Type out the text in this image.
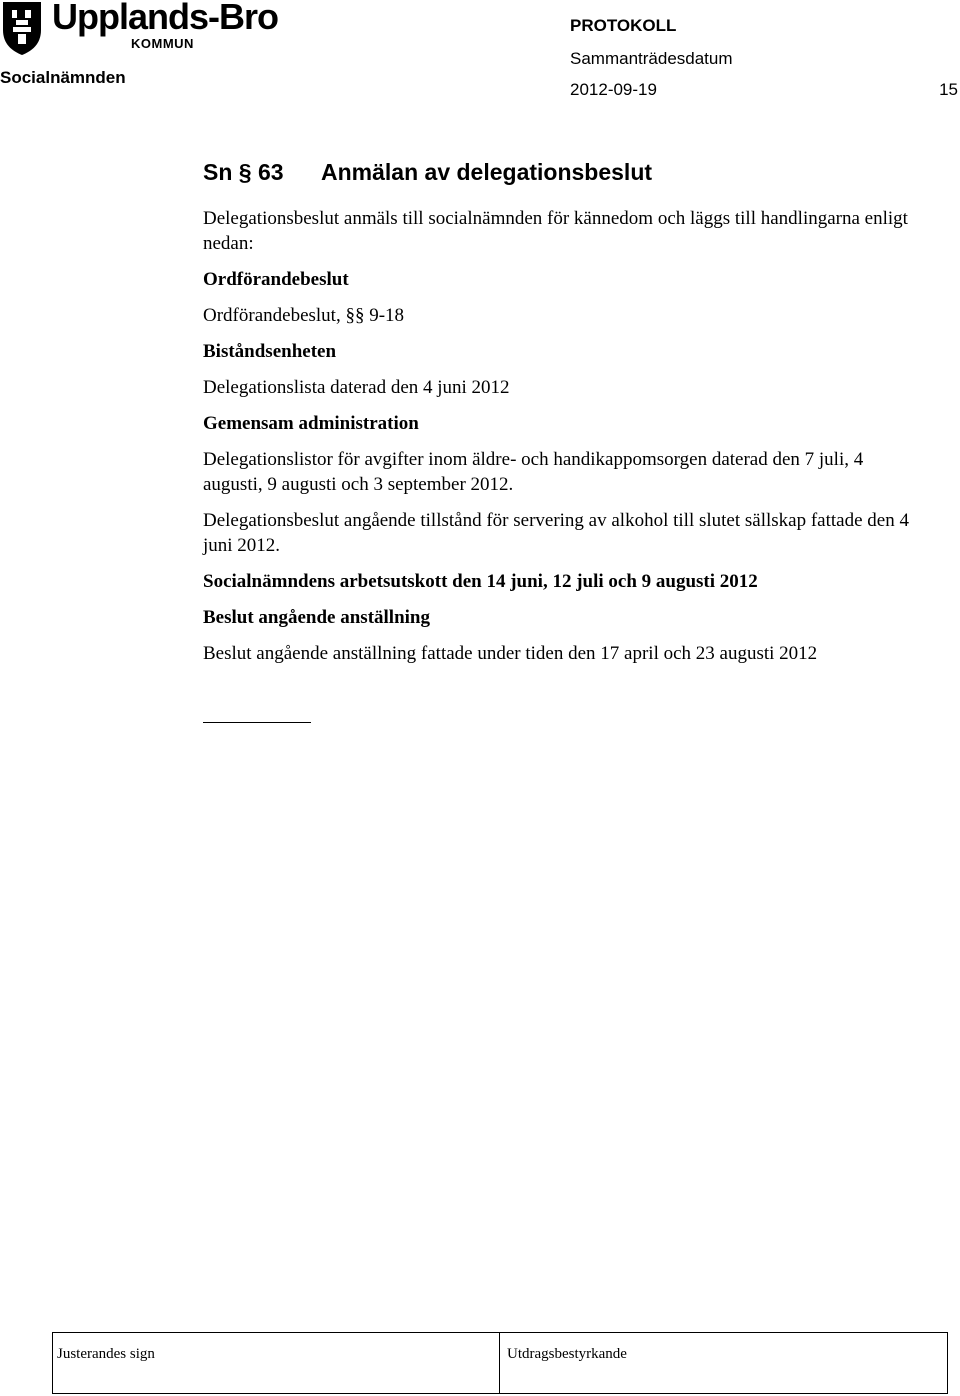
Upplands-Bro
KOMMUN
Socialnämnden
PROTOKOLL
Sammanträdesdatum
2012-09-19	15
Sn § 63 Anmälan av delegationsbeslut

Delegationsbeslut anmäls till socialnämnden för kännedom och läggs till handlingarna enligt nedan:

Ordförandebeslut

Ordförandebeslut, §§ 9-18

Biståndsenheten

Delegationslista daterad den 4 juni 2012

Gemensam administration

Delegationslistor för avgifter inom äldre- och handikappomsorgen daterad den 7 juli, 4 augusti, 9 augusti och 3 september 2012.

Delegationsbeslut angående tillstånd för servering av alkohol till slutet sällskap fattade den 4 juni 2012.

Socialnämndens arbetsutskott den 14 juni, 12 juli och 9 augusti 2012

Beslut angående anställning

Beslut angående anställning fattade under tiden den 17 april och 23 augusti 2012

Justerandes sign	Utdragsbestyrkande
